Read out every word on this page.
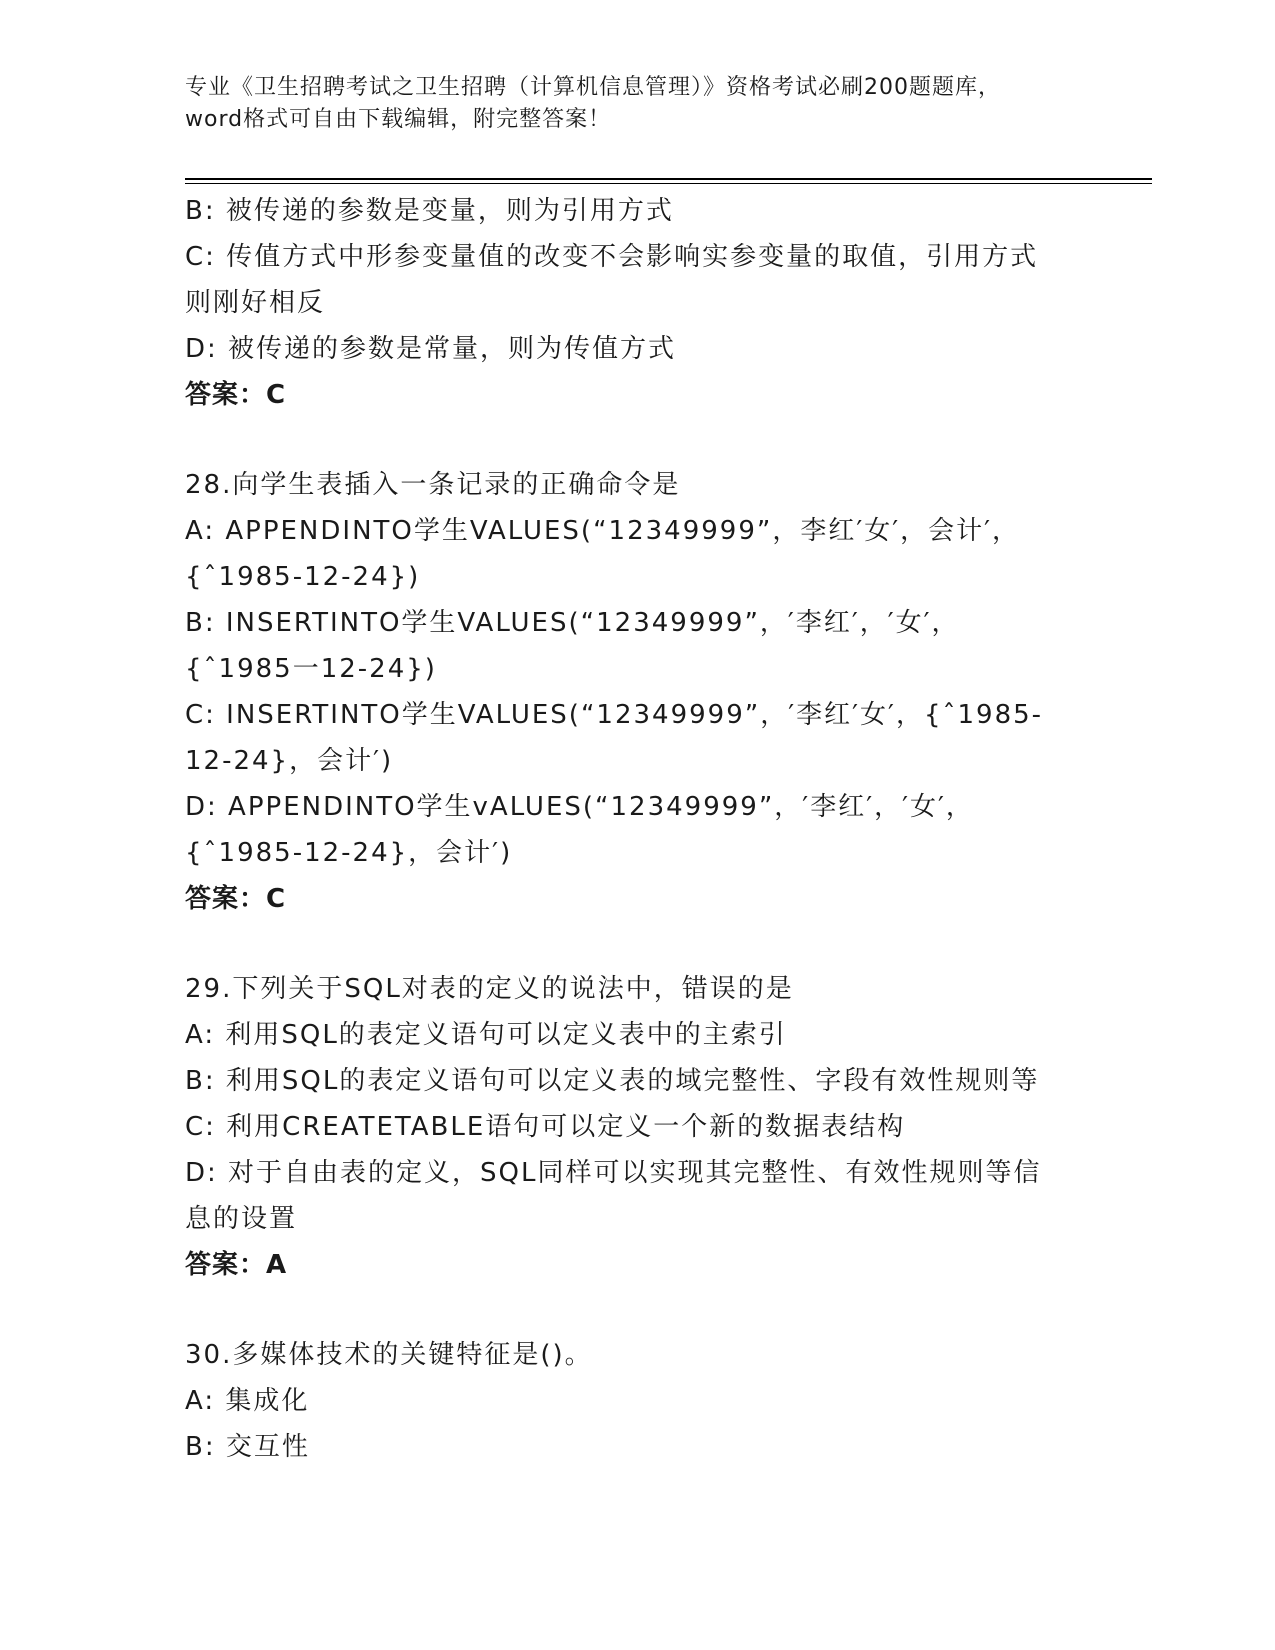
专业《卫生招聘考试之卫生招聘（计算机信息管理）》资格考试必刷200题题库，
word格式可自由下载编辑，附完整答案！
B: 被传递的参数是变量，则为引用方式
C: 传值方式中形参变量值的改变不会影响实参变量的取值，引用方式
则刚好相反
D: 被传递的参数是常量，则为传值方式
答案：C
28.向学生表插入一条记录的正确命令是
A: APPENDINTO学生VALUES(“12349999”，李红′女′，会计′，
{ˆ1985-12-24})
B: INSERTINTO学生VALUES(“12349999”，′李红′，′女′，
{ˆ1985一12-24})
C: INSERTINTO学生VALUES(“12349999”，′李红′女′，{ˆ1985-
12-24}，会计′)
D: APPENDINTO学生vALUES(“12349999”，′李红′，′女′，
{ˆ1985-12-24}，会计′)
答案：C
29.下列关于SQL对表的定义的说法中，错误的是
A: 利用SQL的表定义语句可以定义表中的主索引
B: 利用SQL的表定义语句可以定义表的域完整性、字段有效性规则等
C: 利用CREATETABLE语句可以定义一个新的数据表结构
D: 对于自由表的定义，SQL同样可以实现其完整性、有效性规则等信
息的设置
答案：A
30.多媒体技术的关键特征是()。
A: 集成化
B: 交互性
